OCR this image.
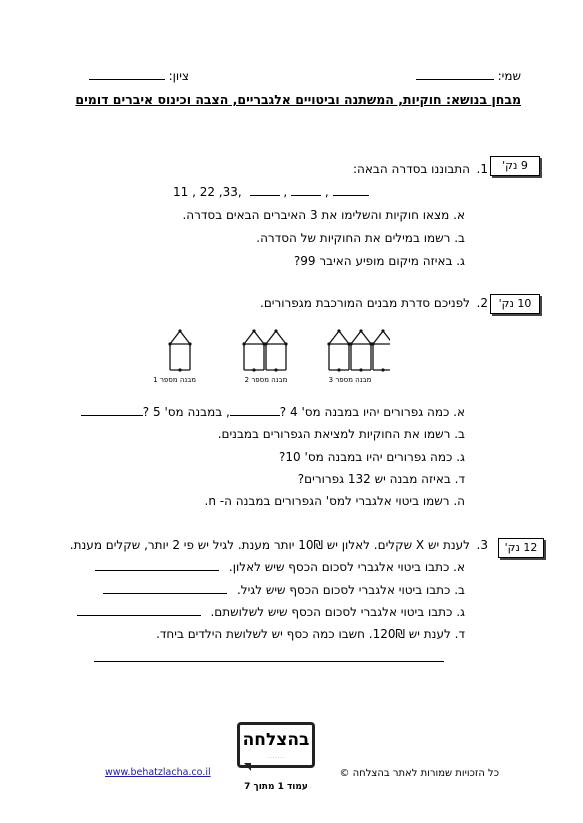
שמי:
ציון:
מבחן בנושא: חוקיות, המשתנה וביטויים אלגבריים, הצבה וכינוס איברים דומים
9 נק'
1.
התבוננו בסדרה הבאה:
11 , 22 ,33,	,	,
א. מצאו חוקיות והשלימו את 3 האיברים הבאים בסדרה.
ב. רשמו במילים את החוקיות של הסדרה.
ג. באיזה מיקום מופיע האיבר 99?
10 נק'
2.
לפניכם סדרת מבנים המורכבת מגפרורים.
מבנה מספר 1	מבנה מספר 2	מבנה מספר 3
א. כמה גפרורים יהיו במבנה מס' 4 ?, במבנה מס' 5 ?
ב. רשמו את החוקיות למציאת הגפרורים במבנים.
ג. כמה גפרורים יהיו במבנה מס' 10?
ד. באיזה מבנה יש 132 גפרורים?
ה. רשמו ביטוי אלגברי למס' הגפרורים במבנה ה- n.
12 נק'
3.
לענת יש X שקלים. לאלון יש 10₪ יותר מענת. לגיל יש פי 2 יותר, שקלים מענת.
א. כתבו ביטוי אלגברי לסכום הכסף שיש לאלון.
ב. כתבו ביטוי אלגברי לסכום הכסף שיש לגיל.
ג. כתבו ביטוי אלגברי לסכום הכסף שיש לשלושתם.
ד. לענת יש 120₪. חשבו כמה כסף יש לשלושת הילדים ביחד.
בהצלחה
· · · · · · ·
כל הזכויות שמורות לאתר בהצלחה ©
www.behatzlacha.co.il
עמוד 1 מתוך 7
